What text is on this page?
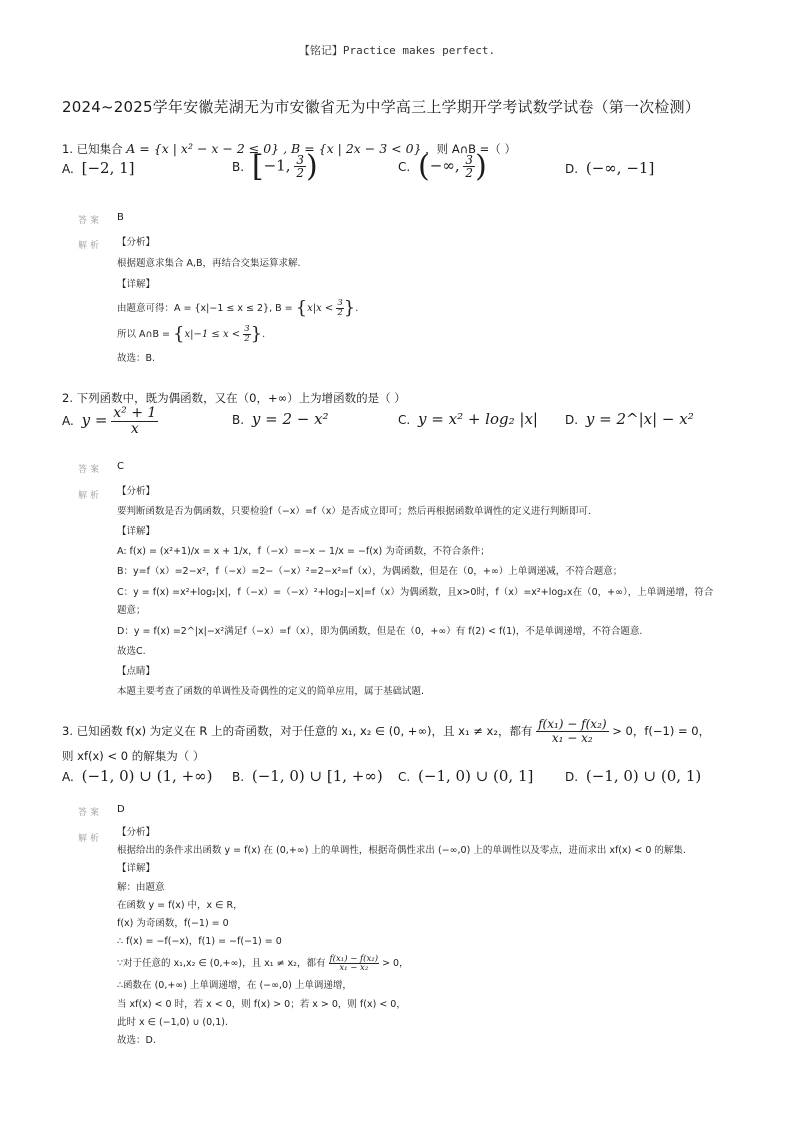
【铭记】Practice makes perfect.
2024~2025学年安徽芜湖无为市安徽省无为中学高三上学期开学考试数学试卷（第一次检测）
1. 已知集合 A = {x | x² − x − 2 ≤ 0} , B = {x | 2x − 3 < 0} ，则 A∩B =（ ）
A. [−2, 1]	B. [−1, $\frac{3}{2}$ )	C. (−∞, $\frac{3}{2}$ )	D. (−∞, −1]
答案 B
解析 【分析】
根据题意求集合 A,B，再结合交集运算求解.
【详解】
由题意可得：A = {x|−1 ≤ x ≤ 2}, $B = \{x|x < \frac{3}{2}$ }.
所以 A∩B = {$x|-1 \le x < \frac{3}{2}$ }.
故选：B.
2. 下列函数中，既为偶函数，又在（0，+∞）上为增函数的是（ ）
A. $y = \frac{\text{x² + 1}}{x}$	B. y = 2 − x²	C. y = x² + log₂ |x| D. y = 2^|x| − x²
答案 C
解析 【分析】
要判断函数是否为偶函数，只要检验f（−x）=f（x）是否成立即可；然后再根据函数单调性的定义进行判断即可.
【详解】
A: f(x) = (x²+1)/x = x + 1/x，f（−x）=−x − 1/x = −f(x) 为奇函数，不符合条件；
B：y=f（x）=2−x²，f（−x）=2−（−x）²=2−x²=f（x），为偶函数，但是在（0，+∞）上单调递减，不符合题意；
C：y = f(x) =x²+log₂|x|，f（−x）=（−x）²+log₂|−x|=f（x）为偶函数，且x>0时，f（x）=x²+log₂x在（0，+∞），上单调递增，符合题意；
D：y = f(x) =2^|x|−x²满足f（−x）=f（x），即为偶函数，但是在（0，+∞）有 f(2) < f(1)，不是单调递增，不符合题意.
故选C.
【点睛】
本题主要考查了函数的单调性及奇偶性的定义的简单应用，属于基础试题.
3. 已知函数 f(x) 为定义在 R 上的奇函数，对于任意的 x₁, x₂ ∈ (0, +∞)，且 x₁ ≠ x₂，都有 $\frac{\text{f(x₁) − f(x₂)}}{\text{x₁ − x₂}} > 0$，f(−1) = 0，
则 xf(x) < 0 的解集为（ ）
A. (−1, 0) ∪ (1, +∞) B. (−1, 0) ∪ [1, +∞) C. (−1, 0) ∪ (0, 1]	D. (−1, 0) ∪ (0, 1)
答案 D
解析
【分析】
根据给出的条件求出函数 y = f(x) 在 (0,+∞) 上的单调性，根据奇偶性求出 (−∞,0) 上的单调性以及零点，进而求出 xf(x) < 0 的解集.
【详解】
解：由题意
在函数 y = f(x) 中，x ∈ R，
f(x) 为奇函数，f(−1) = 0
∴ f(x) = −f(−x)，f(1) = −f(−1) = 0
∵对于任意的 x₁,x₂ ∈ (0,+∞)，且 x₁ ≠ x₂，都有 $\frac{\text{f(x₁) − f(x₂)}}{\text{x₁ − x₂}} > 0$，
∴函数在 (0,+∞) 上单调递增，在 (−∞,0) 上单调递增，
当 xf(x) < 0 时，若 x < 0，则 f(x) > 0；若 x > 0，则 f(x) < 0，
此时 x ∈ (−1,0) ∪ (0,1).
故选：D.
